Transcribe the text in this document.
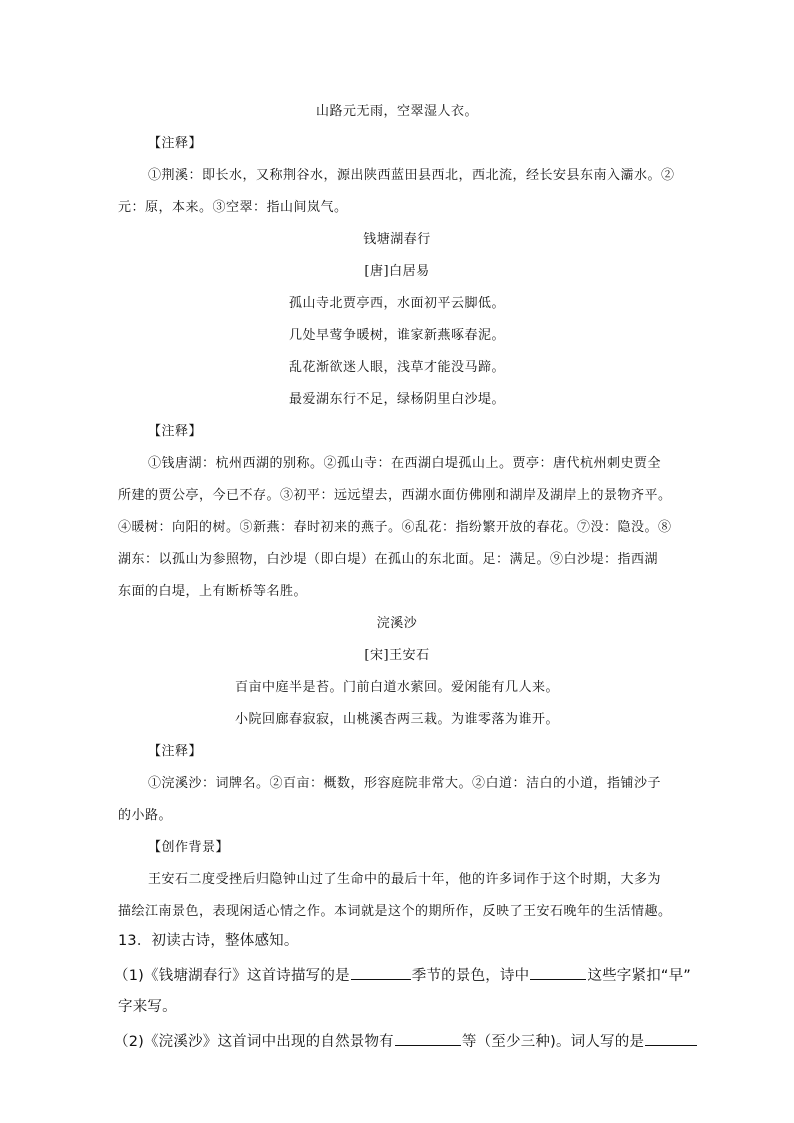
山路元无雨，空翠湿人衣。
【注释】
①荆溪：即长水，又称荆谷水，源出陕西蓝田县西北，西北流，经长安县东南入灞水。②
元：原，本来。③空翠：指山间岚气。
钱塘湖春行
[唐]白居易
孤山寺北贾亭西，水面初平云脚低。
几处早莺争暖树，谁家新燕啄春泥。
乱花渐欲迷人眼，浅草才能没马蹄。
最爱湖东行不足，绿杨阴里白沙堤。
【注释】
①钱唐湖：杭州西湖的别称。②孤山寺：在西湖白堤孤山上。贾亭：唐代杭州刺史贾全
所建的贾公亭，今已不存。③初平：远远望去，西湖水面仿佛刚和湖岸及湖岸上的景物齐平。
④暖树：向阳的树。⑤新燕：春时初来的燕子。⑥乱花：指纷繁开放的春花。⑦没：隐没。⑧
湖东：以孤山为参照物，白沙堤（即白堤）在孤山的东北面。足：满足。⑨白沙堤：指西湖
东面的白堤，上有断桥等名胜。
浣溪沙
[宋]王安石
百亩中庭半是苔。门前白道水萦回。爱闲能有几人来。
小院回廊春寂寂，山桃溪杏两三栽。为谁零落为谁开。
【注释】
①浣溪沙：词牌名。②百亩：概数，形容庭院非常大。②白道：洁白的小道，指铺沙子
的小路。
【创作背景】
王安石二度受挫后归隐钟山过了生命中的最后十年，他的许多词作于这个时期，大多为
描绘江南景色，表现闲适心情之作。本词就是这个的期所作，反映了王安石晚年的生活情趣。
13．初读古诗，整体感知。
（1)《钱塘湖春行》这首诗描写的是	季节的景色，诗中	这些字紧扣“早”
字来写。
（2)《浣溪沙》这首词中出现的自然景物有	等（至少三种)。词人写的是
